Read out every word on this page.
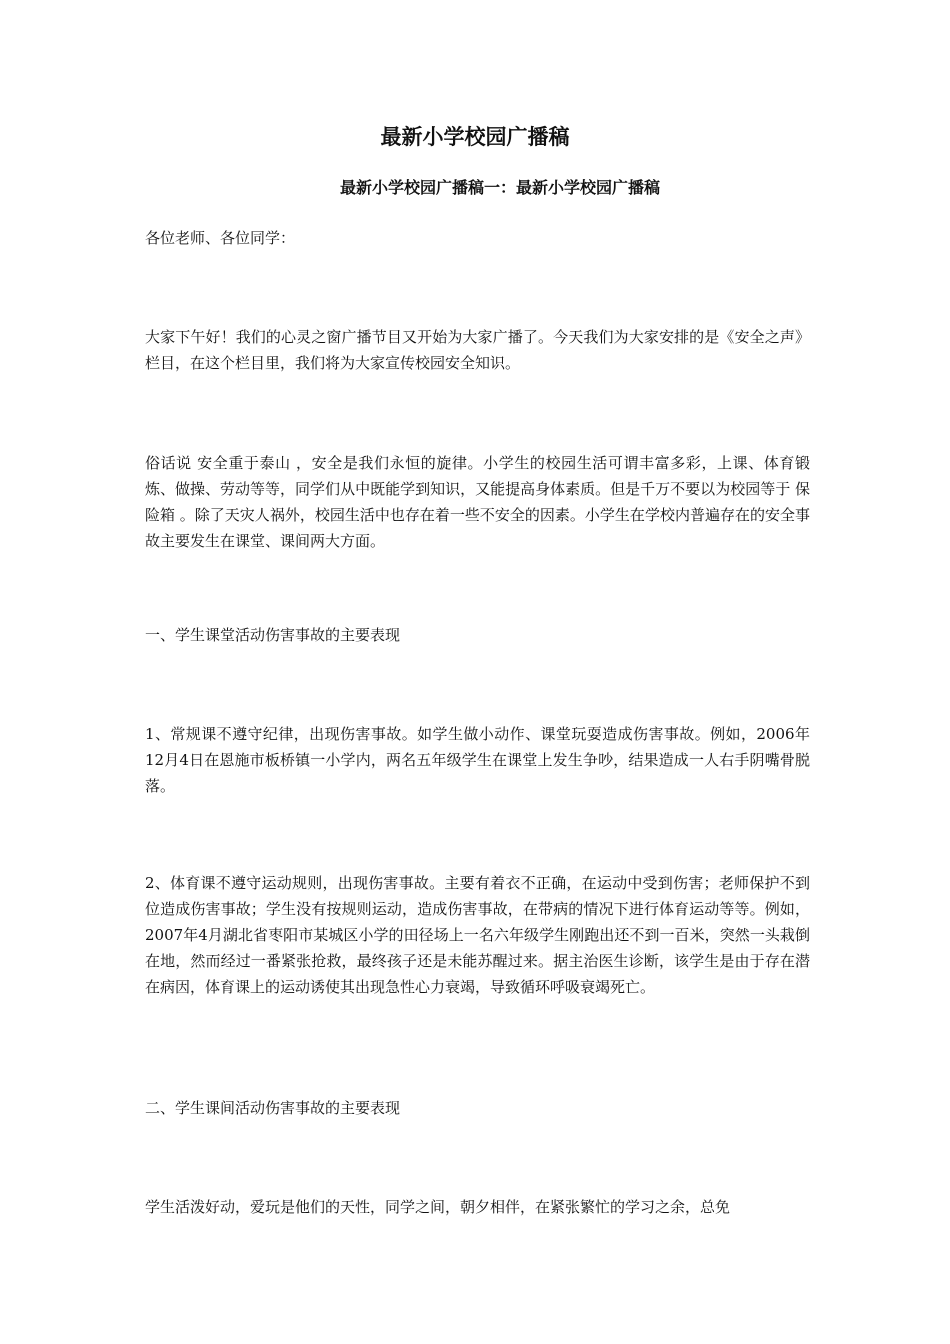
最新小学校园广播稿
最新小学校园广播稿一：最新小学校园广播稿

各位老师、各位同学：

大家下午好！我们的心灵之窗广播节目又开始为大家广播了。今天我们为大家安排的是《安全之声》栏目，在这个栏目里，我们将为大家宣传校园安全知识。

俗话说 安全重于泰山 ，安全是我们永恒的旋律。小学生的校园生活可谓丰富多彩，上课、体育锻炼、做操、劳动等等，同学们从中既能学到知识，又能提高身体素质。但是千万不要以为校园等于 保险箱 。除了天灾人祸外，校园生活中也存在着一些不安全的因素。小学生在学校内普遍存在的安全事故主要发生在课堂、课间两大方面。

一、学生课堂活动伤害事故的主要表现

1、常规课不遵守纪律，出现伤害事故。如学生做小动作、课堂玩耍造成伤害事故。例如，2006年12月4日在恩施市板桥镇一小学内，两名五年级学生在课堂上发生争吵，结果造成一人右手阴嘴骨脱落。

2、体育课不遵守运动规则，出现伤害事故。主要有着衣不正确，在运动中受到伤害；老师保护不到位造成伤害事故；学生没有按规则运动，造成伤害事故，在带病的情况下进行体育运动等等。例如，2007年4月湖北省枣阳市某城区小学的田径场上一名六年级学生刚跑出还不到一百米，突然一头栽倒在地，然而经过一番紧张抢救，最终孩子还是未能苏醒过来。据主治医生诊断，该学生是由于存在潜在病因，体育课上的运动诱使其出现急性心力衰竭，导致循环呼吸衰竭死亡。

二、学生课间活动伤害事故的主要表现

学生活泼好动，爱玩是他们的天性，同学之间，朝夕相伴，在紧张繁忙的学习之余，总免
